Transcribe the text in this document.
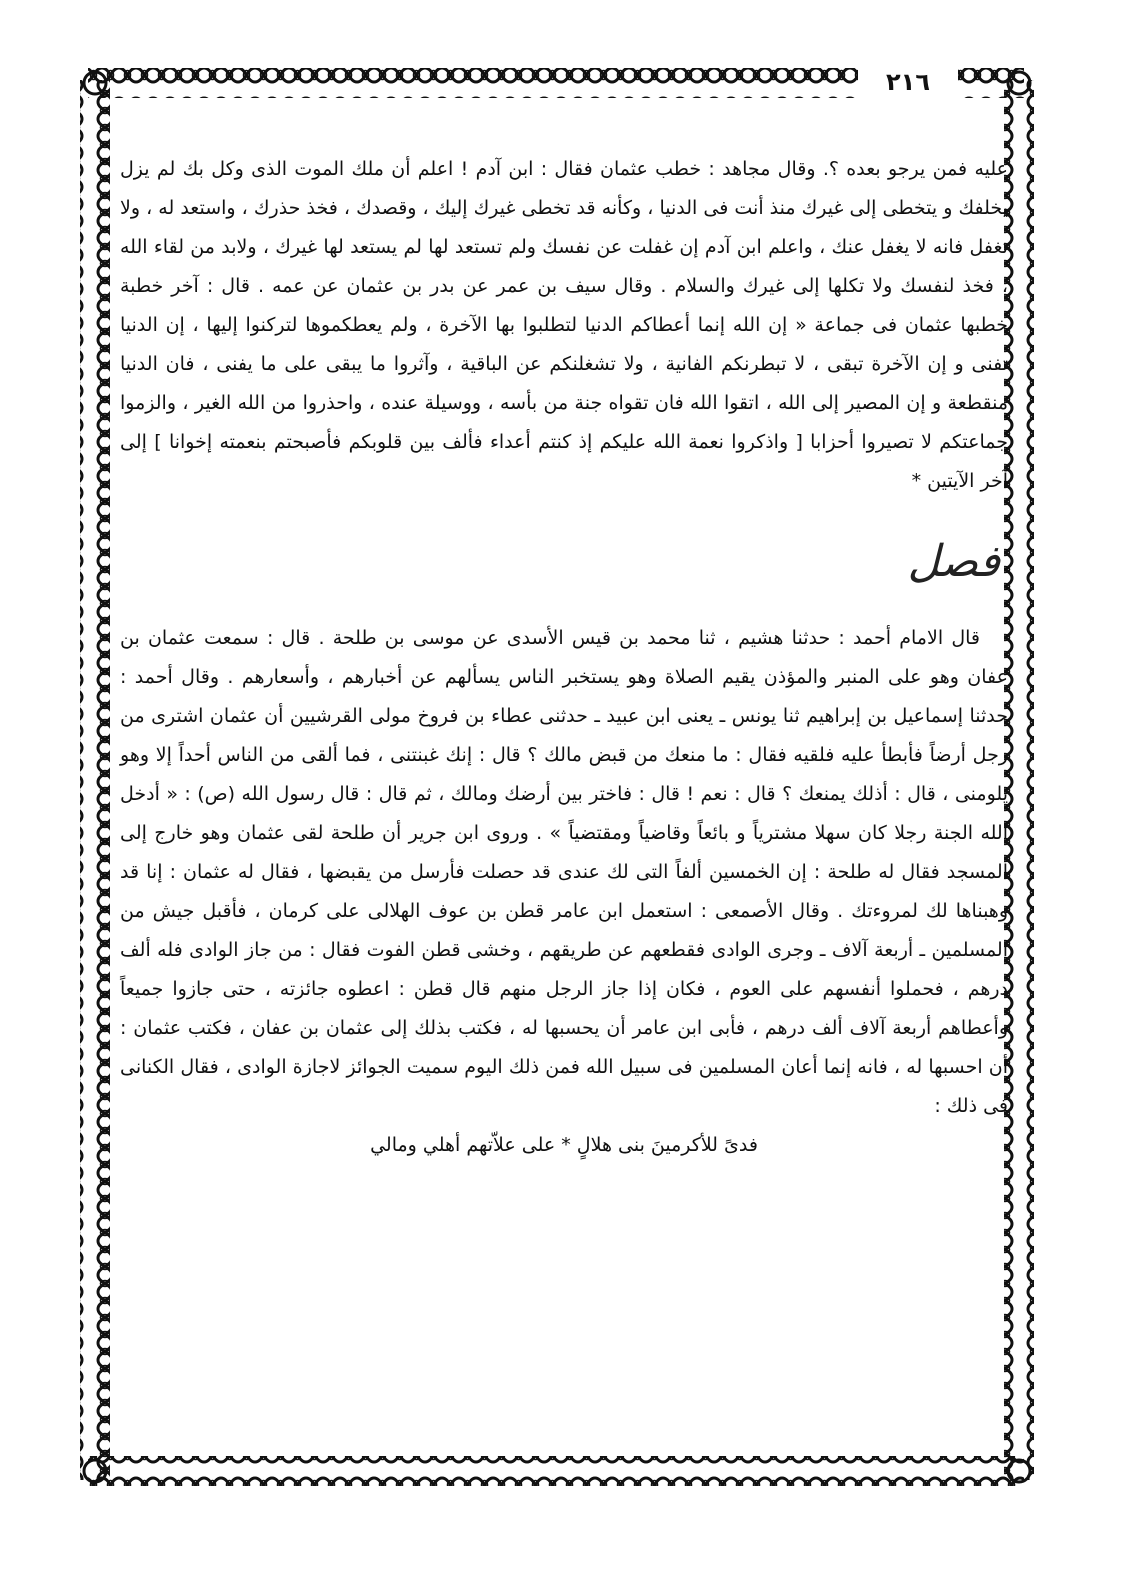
٢١٦

عليه فمن يرجو بعده ؟. وقال مجاهد : خطب عثمان فقال : ابن آدم ! اعلم أن ملك الموت الذى وكل بك لم يزل يخلفك و يتخطى إلى غيرك منذ أنت فى الدنيا ، وكأنه قد تخطى غيرك إليك ، وقصدك ، فخذ حذرك ، واستعد له ، ولا تغفل فانه لا يغفل عنك ، واعلم ابن آدم إن غفلت عن نفسك ولم تستعد لها لم يستعد لها غيرك ، ولابد من لقاء الله ، فخذ لنفسك ولا تكلها إلى غيرك والسلام . وقال سيف بن عمر عن بدر بن عثمان عن عمه . قال : آخر خطبة خطبها عثمان فى جماعة « إن الله إنما أعطاكم الدنيا لتطلبوا بها الآخرة ، ولم يعطكموها لتركنوا إليها ، إن الدنيا تفنى و إن الآخرة تبقى ، لا تبطرنكم الفانية ، ولا تشغلنكم عن الباقية ، وآثروا ما يبقى على ما يفنى ، فان الدنيا منقطعة و إن المصير إلى الله ، اتقوا الله فان تقواه جنة من بأسه ، ووسيلة عنده ، واحذروا من الله الغير ، والزموا جماعتكم لا تصيروا أحزابا [ واذكروا نعمة الله عليكم إذ كنتم أعداء فألف بين قلوبكم فأصبحتم بنعمته إخوانا ] إلى آخر الآيتين *

فصل

قال الامام أحمد : حدثنا هشيم ، ثنا محمد بن قيس الأسدى عن موسى بن طلحة . قال : سمعت عثمان بن عفان وهو على المنبر والمؤذن يقيم الصلاة وهو يستخبر الناس يسألهم عن أخبارهم ، وأسعارهم . وقال أحمد : حدثنا إسماعيل بن إبراهيم ثنا يونس ـ يعنى ابن عبيد ـ حدثنى عطاء بن فروخ مولى القرشيين أن عثمان اشترى من رجل أرضاً فأبطأ عليه فلقيه فقال : ما منعك من قبض مالك ؟ قال : إنك غبنتنى ، فما ألقى من الناس أحداً إلا وهو يلومنى ، قال : أذلك يمنعك ؟ قال : نعم ! قال : فاختر بين أرضك ومالك ، ثم قال : قال رسول الله (ص) : « أدخل الله الجنة رجلا كان سهلا مشترياً و بائعاً وقاضياً ومقتضياً » . وروى ابن جرير أن طلحة لقى عثمان وهو خارج إلى المسجد فقال له طلحة : إن الخمسين ألفاً التى لك عندى قد حصلت فأرسل من يقبضها ، فقال له عثمان : إنا قد وهبناها لك لمروءتك . وقال الأصمعى : استعمل ابن عامر قطن بن عوف الهلالى على كرمان ، فأقبل جيش من المسلمين ـ أربعة آلاف ـ وجرى الوادى فقطعهم عن طريقهم ، وخشى قطن الفوت فقال : من جاز الوادى فله ألف درهم ، فحملوا أنفسهم على العوم ، فكان إذا جاز الرجل منهم قال قطن : اعطوه جائزته ، حتى جازوا جميعاً وأعطاهم أربعة آلاف ألف درهم ، فأبى ابن عامر أن يحسبها له ، فكتب بذلك إلى عثمان بن عفان ، فكتب عثمان : أن احسبها له ، فانه إنما أعان المسلمين فى سبيل الله فمن ذلك اليوم سميت الجوائز لاجازة الوادى ، فقال الكنانى فى ذلك :

فدىً للأكرمينَ بنى هلالٍ * على علاّتهم أهلي ومالي
